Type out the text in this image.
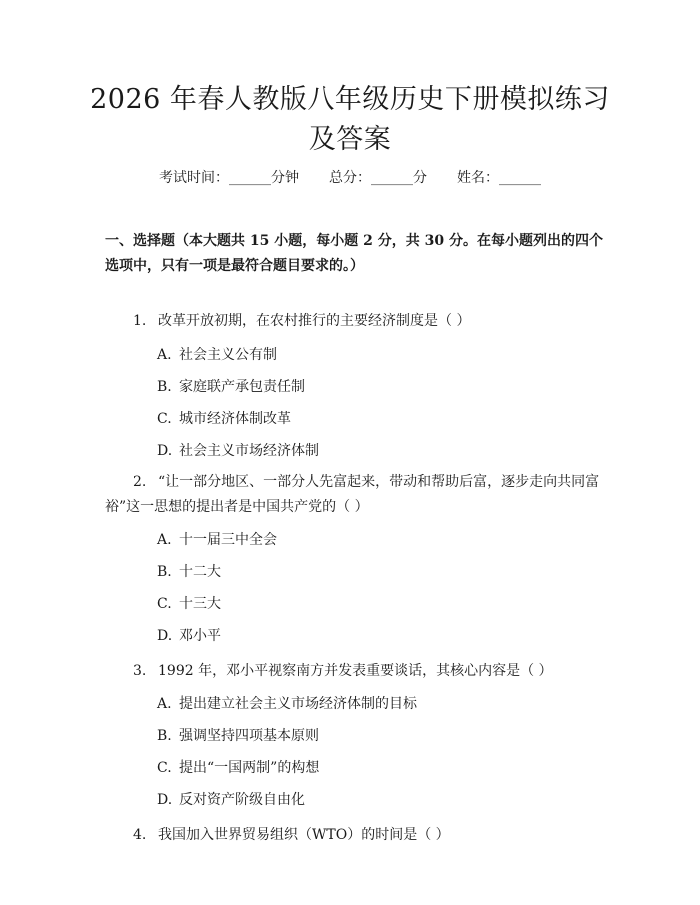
2026 年春人教版八年级历史下册模拟练习及答案
考试时间：______分钟 总分：______分 姓名：______
一、选择题（本大题共 15 小题，每小题 2 分，共 30 分。在每小题列出的四个选项中，只有一项是最符合题目要求的。）
1. 改革开放初期，在农村推行的主要经济制度是（ ）
A. 社会主义公有制
B. 家庭联产承包责任制
C. 城市经济体制改革
D. 社会主义市场经济体制
2. “让一部分地区、一部分人先富起来，带动和帮助后富，逐步走向共同富裕”这一思想的提出者是中国共产党的（ ）
A. 十一届三中全会
B. 十二大
C. 十三大
D. 邓小平
3. 1992 年，邓小平视察南方并发表重要谈话，其核心内容是（ ）
A. 提出建立社会主义市场经济体制的目标
B. 强调坚持四项基本原则
C. 提出“一国两制”的构想
D. 反对资产阶级自由化
4. 我国加入世界贸易组织（WTO）的时间是（ ）
